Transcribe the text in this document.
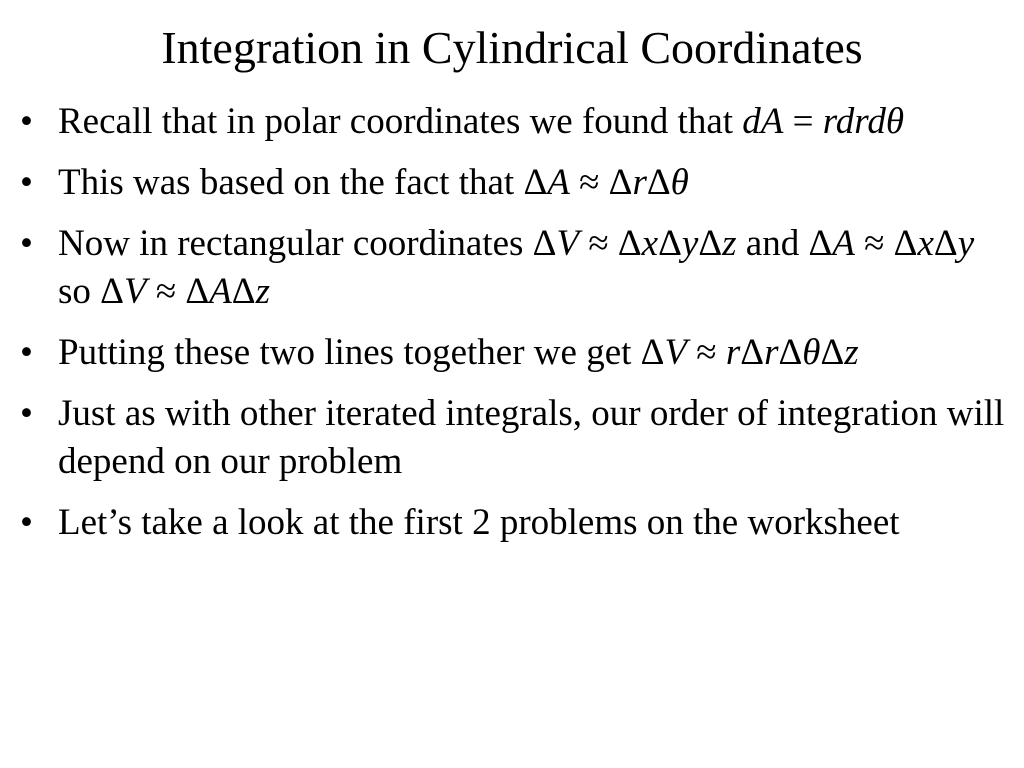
Integration in Cylindrical Coordinates
• Recall that in polar coordinates we found that dA = rdrdθ
• This was based on the fact that ΔA ≈ ΔrΔθ
• Now in rectangular coordinates ΔV ≈ ΔxΔyΔz and ΔA ≈ ΔxΔy so ΔV ≈ ΔAΔz
• Putting these two lines together we get ΔV ≈ rΔrΔθΔz
• Just as with other iterated integrals, our order of integration will depend on our problem
• Let’s take a look at the first 2 problems on the worksheet
